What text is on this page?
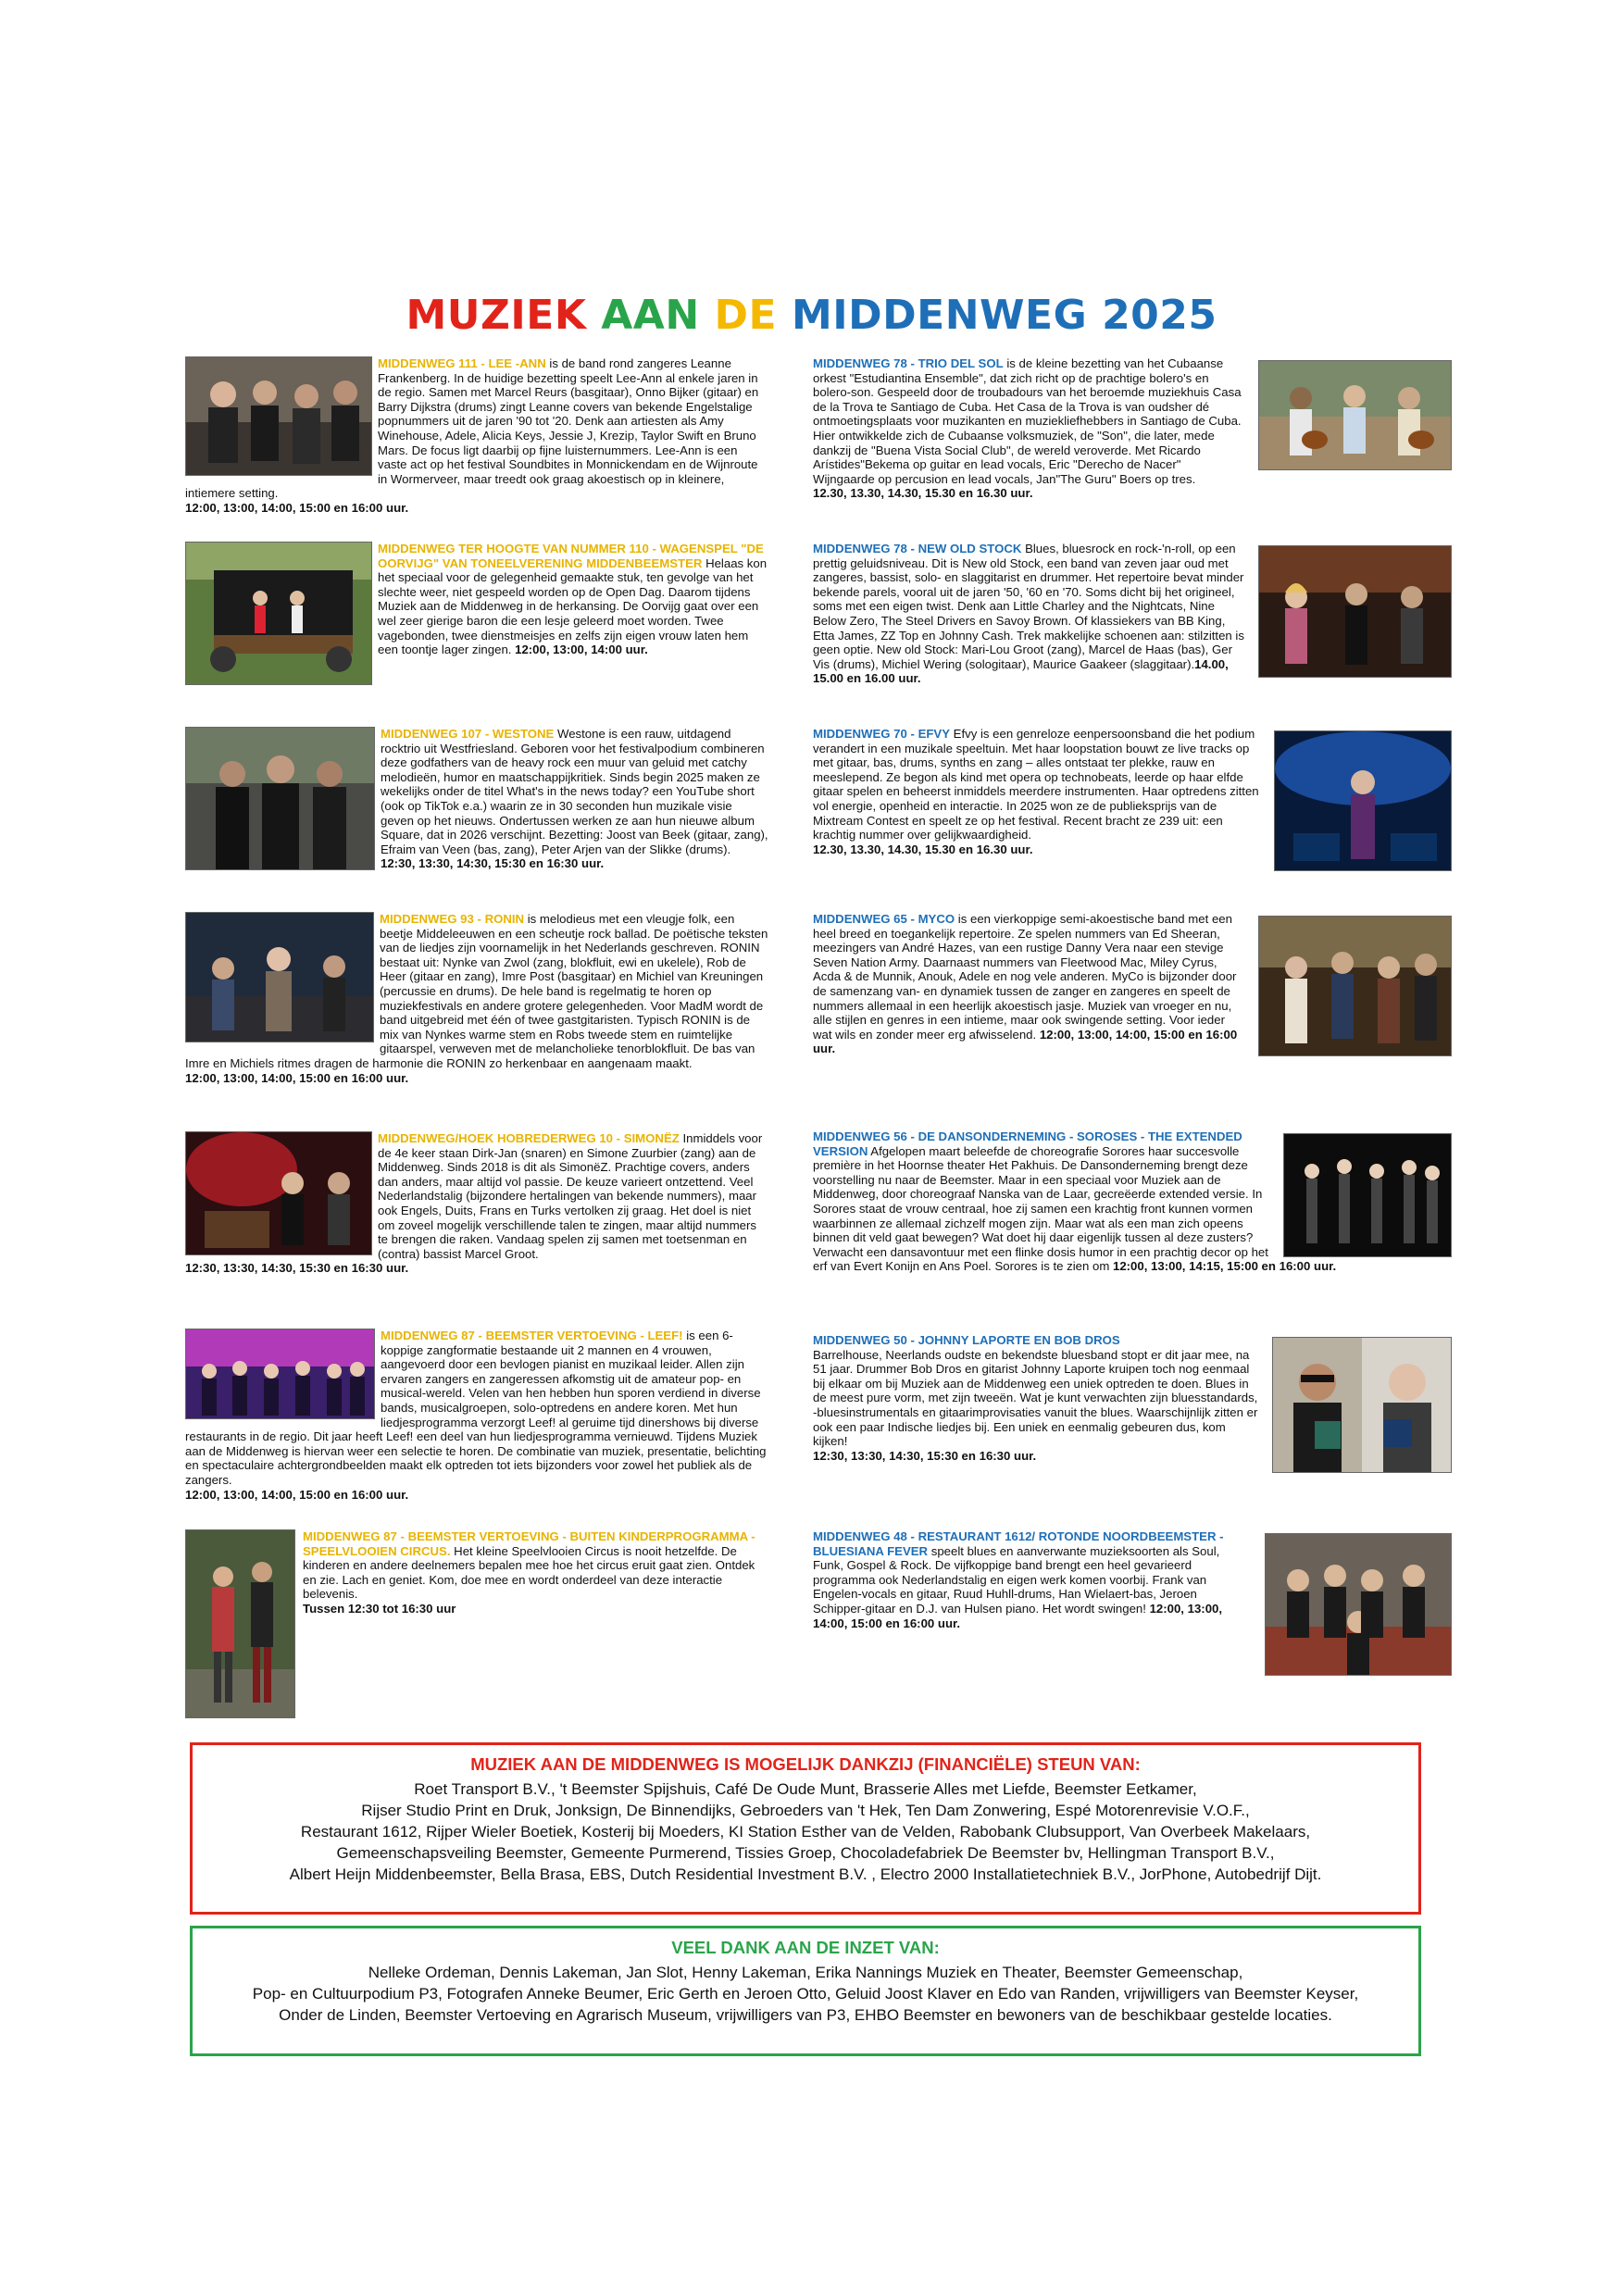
MUZIEK AAN DE MIDDENWEG 2025
MIDDENWEG 111 - LEE -ANN is de band rond zangeres Leanne Frankenberg. In de huidige bezetting speelt Lee-Ann al enkele jaren in de regio. Samen met Marcel Reurs (basgitaar), Onno Bijker (gitaar) en Barry Dijkstra (drums) zingt Leanne covers van bekende Engelstalige popnummers uit de jaren '90 tot '20. Denk aan artiesten als Amy Winehouse, Adele, Alicia Keys, Jessie J, Krezip, Taylor Swift en Bruno Mars. De focus ligt daarbij op fijne luisternummers. Lee-Ann is een vaste act op het festival Soundbites in Monnickendam en de Wijnroute in Wormerveer, maar treedt ook graag akoestisch op in kleinere, intiemere setting.
12:00, 13:00, 14:00, 15:00 en 16:00 uur.
MIDDENWEG TER HOOGTE VAN NUMMER 110 - WAGENSPEL "DE OORVIJG" VAN TONEELVERENING MIDDENBEEMSTER Helaas kon het speciaal voor de gelegenheid gemaakte stuk, ten gevolge van het slechte weer, niet gespeeld worden op de Open Dag. Daarom tijdens Muziek aan de Middenweg in de herkansing. De Oorvijg gaat over een wel zeer gierige baron die een lesje geleerd moet worden. Twee vagebonden, twee dienstmeisjes en zelfs zijn eigen vrouw laten hem een toontje lager zingen. 12:00, 13:00, 14:00 uur.
MIDDENWEG 107 - WESTONE Westone is een rauw, uitdagend rocktrio uit Westfriesland. Geboren voor het festivalpodium combineren deze godfathers van de heavy rock een muur van geluid met catchy melodieën, humor en maatschappijkritiek. Sinds begin 2025 maken ze wekelijks onder de titel What's in the news today? een YouTube short (ook op TikTok e.a.) waarin ze in 30 seconden hun muzikale visie geven op het nieuws. Ondertussen werken ze aan hun nieuwe album Square, dat in 2026 verschijnt. Bezetting: Joost van Beek (gitaar, zang), Efraim van Veen (bas, zang), Peter Arjen van der Slikke (drums). 12:30, 13:30, 14:30, 15:30 en 16:30 uur.
MIDDENWEG 93 - RONIN is melodieus met een vleugje folk, een beetje Middeleeuwen en een scheutje rock ballad. De poëtische teksten van de liedjes zijn voornamelijk in het Nederlands geschreven. RONIN bestaat uit: Nynke van Zwol (zang, blokfluit, ewi en ukelele), Rob de Heer (gitaar en zang), Imre Post (basgitaar) en Michiel van Kreuningen (percussie en drums). De hele band is regelmatig te horen op muziekfestivals en andere grotere gelegenheden. Voor MadM wordt de band uitgebreid met één of twee gastgitaristen. Typisch RONIN is de mix van Nynkes warme stem en Robs tweede stem en ruimtelijke gitaarspel, verweven met de melancholieke tenorblokfluit. De bas van Imre en Michiels ritmes dragen de harmonie die RONIN zo herkenbaar en aangenaam maakt.
12:00, 13:00, 14:00, 15:00 en 16:00 uur.
MIDDENWEG/HOEK HOBREDERWEG 10 - SIMONËZ Inmiddels voor de 4e keer staan Dirk-Jan (snaren) en Simone Zuurbier (zang) aan de Middenweg. Sinds 2018 is dit als SimonëZ. Prachtige covers, anders dan anders, maar altijd vol passie. De keuze varieert ontzettend. Veel Nederlandstalig (bijzondere hertalingen van bekende nummers), maar ook Engels, Duits, Frans en Turks vertolken zij graag. Het doel is niet om zoveel mogelijk verschillende talen te zingen, maar altijd nummers te brengen die raken. Vandaag spelen zij samen met toetsenman en (contra) bassist Marcel Groot.
12:30, 13:30, 14:30, 15:30 en 16:30 uur.
MIDDENWEG 87 - BEEMSTER VERTOEVING - LEEF! is een 6-koppige zangformatie bestaande uit 2 mannen en 4 vrouwen, aangevoerd door een bevlogen pianist en muzikaal leider. Allen zijn ervaren zangers en zangeressen afkomstig uit de amateur pop- en musical-wereld. Velen van hen hebben hun sporen verdiend in diverse bands, musicalgroepen, solo-optredens en andere koren. Met hun liedjesprogramma verzorgt Leef! al geruime tijd dinershows bij diverse restaurants in de regio. Dit jaar heeft Leef! een deel van hun liedjesprogramma vernieuwd. Tijdens Muziek aan de Middenweg is hiervan weer een selectie te horen. De combinatie van muziek, presentatie, belichting en spectaculaire achtergrondbeelden maakt elk optreden tot iets bijzonders voor zowel het publiek als de zangers.
12:00, 13:00, 14:00, 15:00 en 16:00 uur.
MIDDENWEG 87 - BEEMSTER VERTOEVING - BUITEN KINDERPROGRAMMA - SPEELVLOOIEN CIRCUS. Het kleine Speelvlooien Circus is nooit hetzelfde. De kinderen en andere deelnemers bepalen mee hoe het circus eruit gaat zien. Ontdek en zie. Lach en geniet. Kom, doe mee en wordt onderdeel van deze interactie belevenis.
Tussen 12:30 tot 16:30 uur
MIDDENWEG 78 - TRIO DEL SOL is de kleine bezetting van het Cubaanse orkest "Estudiantina Ensemble", dat zich richt op de prachtige bolero's en bolero-son. Gespeeld door de troubadours van het beroemde muziekhuis Casa de la Trova te Santiago de Cuba. Het Casa de la Trova is van oudsher dé ontmoetingsplaats voor muzikanten en muziekliefhebbers in Santiago de Cuba. Hier ontwikkelde zich de Cubaanse volksmuziek, de "Son", die later, mede dankzij de "Buena Vista Social Club", de wereld veroverde. Met Ricardo Arístides"Bekema op guitar en lead vocals, Eric "Derecho de Nacer" Wijngaarde op percusion en lead vocals, Jan"The Guru" Boers op tres.
12.30, 13.30, 14.30, 15.30 en 16.30 uur.
MIDDENWEG 78 - NEW OLD STOCK Blues, bluesrock en rock-'n-roll, op een prettig geluidsniveau. Dit is New old Stock, een band van zeven jaar oud met zangeres, bassist, solo- en slaggitarist en drummer. Het repertoire bevat minder bekende parels, vooral uit de jaren '50, '60 en '70. Soms dicht bij het origineel, soms met een eigen twist. Denk aan Little Charley and the Nightcats, Nine Below Zero, The Steel Drivers en Savoy Brown. Of klassiekers van BB King, Etta James, ZZ Top en Johnny Cash. Trek makkelijke schoenen aan: stilzitten is geen optie. New old Stock: Mari-Lou Groot (zang), Marcel de Haas (bas), Ger Vis (drums), Michiel Wering (sologitaar), Maurice Gaakeer (slaggitaar).14.00, 15.00 en 16.00 uur.
MIDDENWEG 70 - EFVY Efvy is een genreloze eenpersoonsband die het podium verandert in een muzikale speeltuin. Met haar loopstation bouwt ze live tracks op met gitaar, bas, drums, synths en zang – alles ontstaat ter plekke, rauw en meeslepend. Ze begon als kind met opera op technobeats, leerde op haar elfde gitaar spelen en beheerst inmiddels meerdere instrumenten. Haar optredens zitten vol energie, openheid en interactie. In 2025 won ze de publieksprijs van de Mixtream Contest en speelt ze op het festival. Recent bracht ze 239 uit: een krachtig nummer over gelijkwaardigheid.
12.30, 13.30, 14.30, 15.30 en 16.30 uur.
MIDDENWEG 65 - MYCO is een vierkoppige semi-akoestische band met een heel breed en toegankelijk repertoire. Ze spelen nummers van Ed Sheeran, meezingers van André Hazes, van een rustige Danny Vera naar een stevige Seven Nation Army. Daarnaast nummers van Fleetwood Mac, Miley Cyrus, Acda & de Munnik, Anouk, Adele en nog vele anderen. MyCo is bijzonder door de samenzang van- en dynamiek tussen de zanger en zangeres en speelt de nummers allemaal in een heerlijk akoestisch jasje. Muziek van vroeger en nu, alle stijlen en genres in een intieme, maar ook swingende setting. Voor ieder wat wils en zonder meer erg afwisselend. 12:00, 13:00, 14:00, 15:00 en 16:00 uur.
MIDDENWEG 56 - DE DANSONDERNEMING - SOROSES - THE EXTENDED VERSION Afgelopen maart beleefde de choreografie Sorores haar succesvolle première in het Hoornse theater Het Pakhuis. De Dansonderneming brengt deze voorstelling nu naar de Beemster. Maar in een speciaal voor Muziek aan de Middenweg, door choreograaf Nanska van de Laar, gecreëerde extended versie. In Sorores staat de vrouw centraal, hoe zij samen een krachtig front kunnen vormen waarbinnen ze allemaal zichzelf mogen zijn. Maar wat als een man zich opeens binnen dit veld gaat bewegen? Wat doet hij daar eigenlijk tussen al deze zusters? Verwacht een dansavontuur met een flinke dosis humor in een prachtig decor op het erf van Evert Konijn en Ans Poel. Sorores is te zien om 12:00, 13:00, 14:15, 15:00 en 16:00 uur.
MIDDENWEG 50 - JOHNNY LAPORTE EN BOB DROS
Barrelhouse, Neerlands oudste en bekendste bluesband stopt er dit jaar mee, na 51 jaar. Drummer Bob Dros en gitarist Johnny Laporte kruipen toch nog eenmaal bij elkaar om bij Muziek aan de Middenweg een uniek optreden te doen. Blues in de meest pure vorm, met zijn tweeën. Wat je kunt verwachten zijn bluesstandards, -bluesinstrumentals en gitaarimprovisaties vanuit the blues. Waarschijnlijk zitten er ook een paar Indische liedjes bij. Een uniek en eenmalig gebeuren dus, kom kijken!
12:30, 13:30, 14:30, 15:30 en 16:30 uur.
MIDDENWEG 48 - RESTAURANT 1612/ ROTONDE NOORDBEEMSTER - BLUESIANA FEVER speelt blues en aanverwante muzieksoorten als Soul, Funk, Gospel & Rock. De vijfkoppige band brengt een heel gevarieerd programma ook Nederlandstalig en eigen werk komen voorbij. Frank van Engelen-vocals en gitaar, Ruud Huhll-drums, Han Wielaert-bas, Jeroen Schipper-gitaar en D.J. van Hulsen piano. Het wordt swingen! 12:00, 13:00, 14:00, 15:00 en 16:00 uur.
MUZIEK AAN DE MIDDENWEG IS MOGELIJK DANKZIJ (FINANCIËLE) STEUN VAN:
Roet Transport B.V., 't Beemster Spijshuis, Café De Oude Munt, Brasserie Alles met Liefde, Beemster Eetkamer,
Rijser Studio Print en Druk, Jonksign, De Binnendijks, Gebroeders van 't Hek, Ten Dam Zonwering, Espé Motorenrevisie V.O.F.,
Restaurant 1612, Rijper Wieler Boetiek, Kosterij bij Moeders, KI Station Esther van de Velden, Rabobank Clubsupport, Van Overbeek Makelaars,
Gemeenschapsveiling Beemster, Gemeente Purmerend, Tissies Groep, Chocoladefabriek De Beemster bv, Hellingman Transport B.V.,
Albert Heijn Middenbeemster, Bella Brasa, EBS, Dutch Residential Investment B.V. , Electro 2000 Installatietechniek B.V., JorPhone, Autobedrijf Dijt.
VEEL DANK AAN DE INZET VAN:
Nelleke Ordeman, Dennis Lakeman, Jan Slot, Henny Lakeman, Erika Nannings Muziek en Theater, Beemster Gemeenschap,
Pop- en Cultuurpodium P3, Fotografen Anneke Beumer, Eric Gerth en Jeroen Otto, Geluid Joost Klaver en Edo van Randen, vrijwilligers van Beemster Keyser,
Onder de Linden, Beemster Vertoeving en Agrarisch Museum, vrijwilligers van P3, EHBO Beemster en bewoners van de beschikbaar gestelde locaties.
